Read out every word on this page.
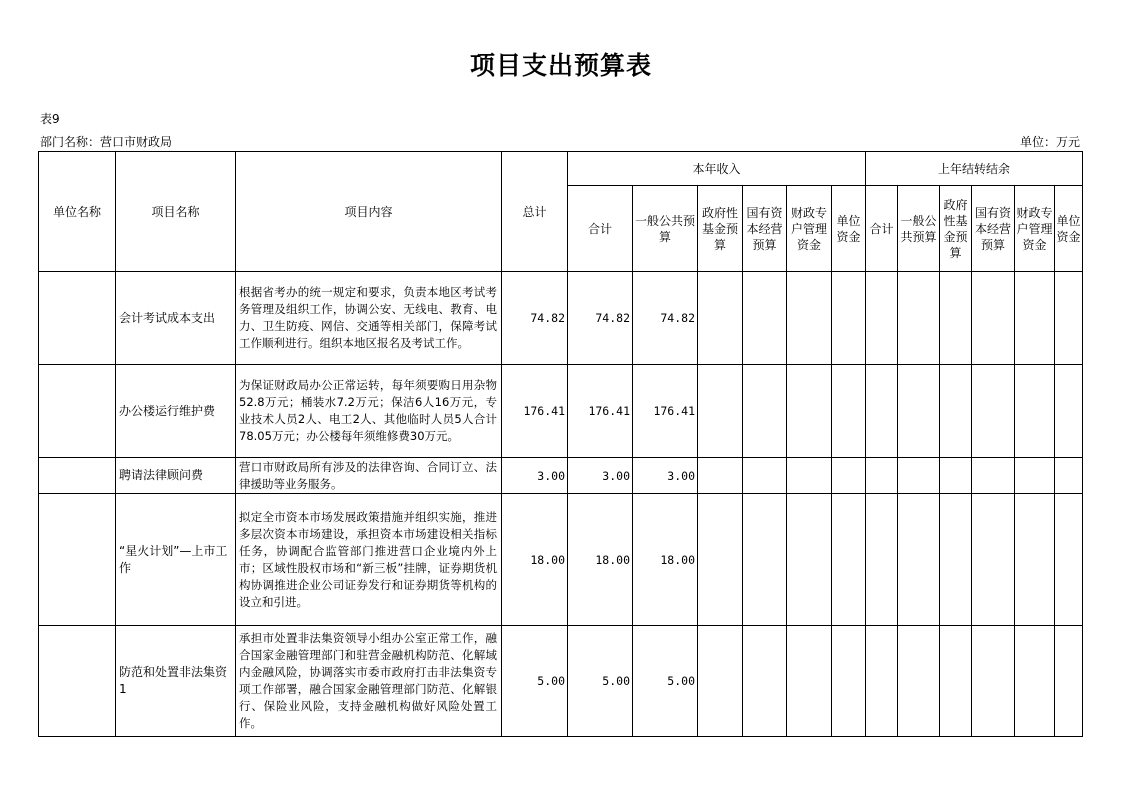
项目支出预算表
表9
部门名称：营口市财政局	单位：万元
单位名称	项目名称	项目内容	总计	本年收入						上年结转结余					
				合计	一般公共预算	政府性基金预算	国有资本经营预算	财政专户管理资金	单位资金	合计	一般公共预算	政府性基金预算	国有资本经营预算	财政专户管理资金	单位资金
	会计考试成本支出	根据省考办的统一规定和要求，负责本地区考试考务管理及组织工作，协调公安、无线电、教育、电力、卫生防疫、网信、交通等相关部门，保障考试工作顺利进行。组织本地区报名及考试工作。	74.82	74.82	74.82										
	办公楼运行维护费	为保证财政局办公正常运转，每年须要购日用杂物52.8万元；桶装水7.2万元；保洁6人16万元，专业技术人员2人、电工2人、其他临时人员5人合计78.05万元；办公楼每年须维修费30万元。	176.41	176.41	176.41										
	聘请法律顾问费	营口市财政局所有涉及的法律咨询、合同订立、法律援助等业务服务。	3.00	3.00	3.00										
	“星火计划”—上市工作	拟定全市资本市场发展政策措施并组织实施，推进多层次资本市场建设，承担资本市场建设相关指标任务，协调配合监管部门推进营口企业境内外上市；区域性股权市场和“新三板”挂牌，证券期货机构协调推进企业公司证券发行和证券期货等机构的设立和引进。	18.00	18.00	18.00										
	防范和处置非法集资1	承担市处置非法集资领导小组办公室正常工作，融合国家金融管理部门和驻营金融机构防范、化解域内金融风险，协调落实市委市政府打击非法集资专项工作部署，融合国家金融管理部门防范、化解银行、保险业风险，支持金融机构做好风险处置工作。	5.00	5.00	5.00										
